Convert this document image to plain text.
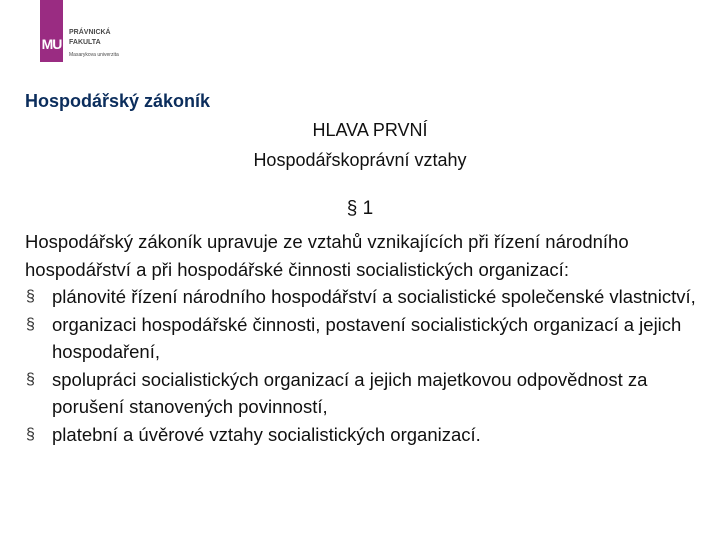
MU
PRÁVNICKÁ
FAKULTA
Masarykova univerzita
Hospodářský zákoník
HLAVA PRVNÍ
Hospodářskoprávní vztahy
§ 1

Hospodářský zákoník upravuje ze vztahů vznikajících při řízení národního hospodářství a při hospodářské činnosti socialistických organizací:

§ plánovité řízení národního hospodářství a socialistické společenské vlastnictví,
§ organizaci hospodářské činnosti, postavení socialistických organizací a jejich hospodaření,
§ spolupráci socialistických organizací a jejich majetkovou odpovědnost za porušení stanovených povinností,
§ platební a úvěrové vztahy socialistických organizací.
